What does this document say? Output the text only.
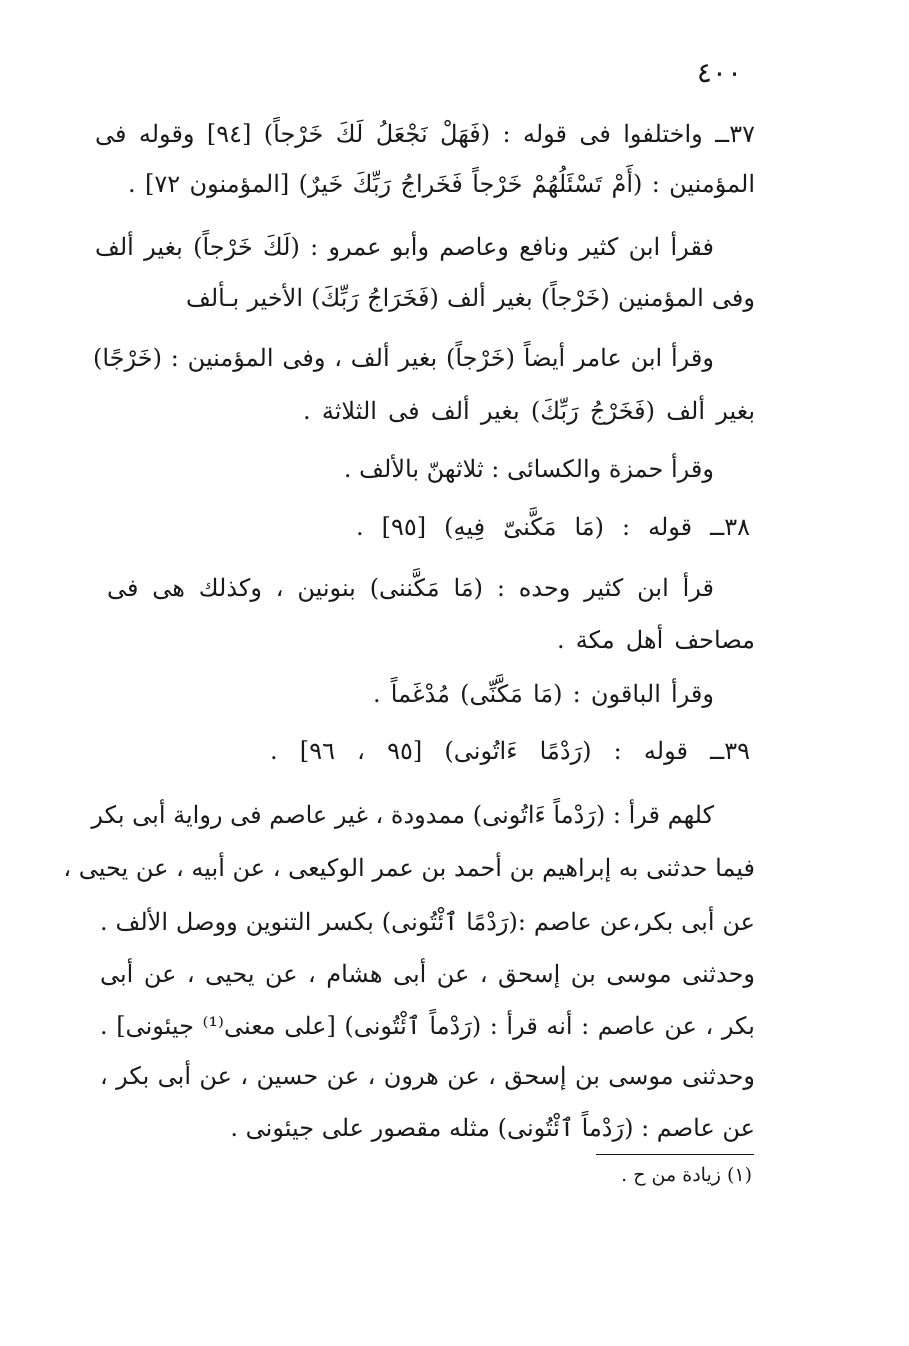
٤٠٠
٣٧ــ واختلفوا فى قوله : (فَهَلْ نَجْعَلُ لَكَ خَرْجاً) [٩٤] وقوله فى
المؤمنين : (أَمْ تَسْئَلُهُمْ خَرْجاً فَخَراجُ رَبِّكَ خَيرٌ) [المؤمنون ٧٢] .
فقرأ ابن كثير ونافع وعاصم وأبو عمرو : (لَكَ خَرْجاً) بغير ألف
وفى المؤمنين (خَرْجاً) بغير ألف (فَخَرَاجُ رَبِّكَ) الأخير بـألف
وقرأ ابن عامر أيضاً (خَرْجاً) بغير ألف ، وفى المؤمنين : (خَرْجًا)
بغير ألف (فَخَرْجُ رَبِّكَ) بغير ألف فى الثلاثة .
وقرأ حمزة والكسائى : ثلاثهنّ بالألف .
٣٨ــ قوله : (مَا مَكَّنىّ فِيهِ) [٩٥] .
قرأ ابن كثير وحده : (مَا مَكَّننى) بنونين ، وكذلك هى فى
مصاحف أهل مكة .
وقرأ الباقون : (مَا مَكَّنِّى) مُدْغَماً .
٣٩ــ قوله : (رَدْمًا ءَاتُونى) [٩٥ ، ٩٦] .
كلهم قرأ : (رَدْماً ءَاتُونى) ممدودة ، غير عاصم فى رواية أبى بكر
فيما حدثنى به إبراهيم بن أحمد بن عمر الوكيعى ، عن أبيه ، عن يحيى ،
عن أبى بكر،عن عاصم :(رَدْمًا ٱئْتُونى) بكسر التنوين ووصل الألف .
وحدثنى موسى بن إسحق ، عن أبى هشام ، عن يحيى ، عن أبى
بكر ، عن عاصم : أنه قرأ : (رَدْماً ٱئْتُونى) [على معنى⁽¹⁾ جيئونى] .
وحدثنى موسى بن إسحق ، عن هرون ، عن حسين ، عن أبى بكر ،
عن عاصم : (رَدْماً ٱئْتُونى) مثله مقصور على جيئونى .
(١) زيادة من ح .
